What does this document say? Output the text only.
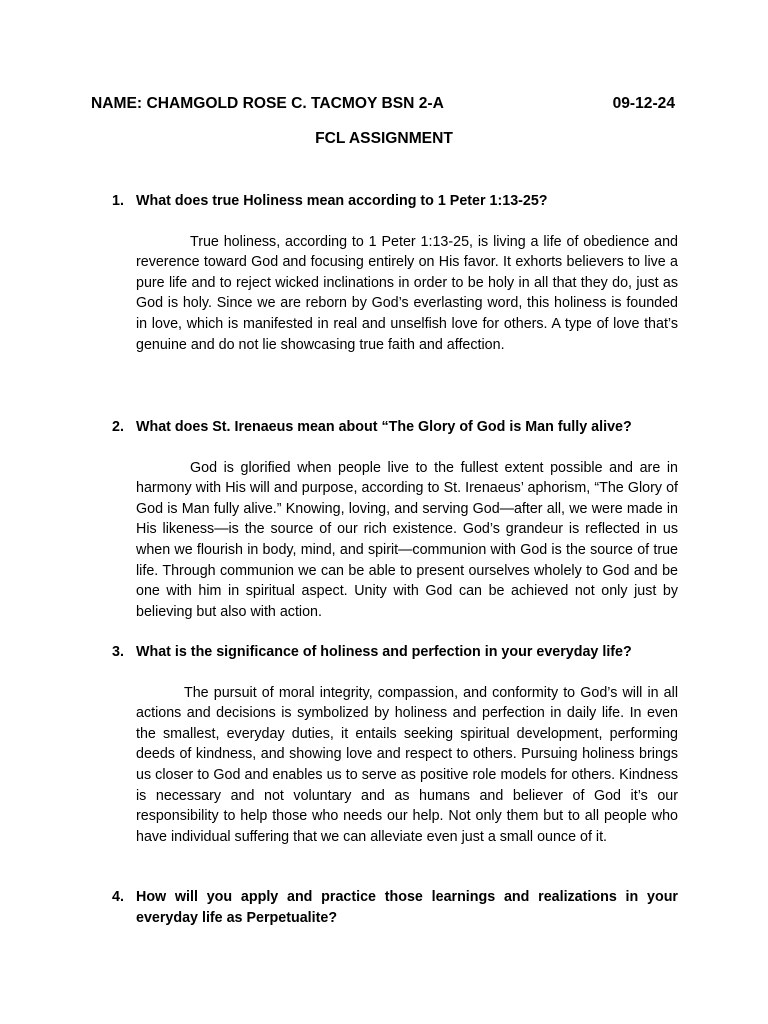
NAME: CHAMGOLD ROSE C. TACMOY BSN 2-A	09-12-24
FCL ASSIGNMENT
1. What does true Holiness mean according to 1 Peter 1:13-25?

True holiness, according to 1 Peter 1:13-25, is living a life of obedience and reverence toward God and focusing entirely on His favor. It exhorts believers to live a pure life and to reject wicked inclinations in order to be holy in all that they do, just as God is holy. Since we are reborn by God’s everlasting word, this holiness is founded in love, which is manifested in real and unselfish love for others. A type of love that’s genuine and do not lie showcasing true faith and affection.

2. What does St. Irenaeus mean about “The Glory of God is Man fully alive?

God is glorified when people live to the fullest extent possible and are in harmony with His will and purpose, according to St. Irenaeus’ aphorism, “The Glory of God is Man fully alive.” Knowing, loving, and serving God—after all, we were made in His likeness—is the source of our rich existence. God’s grandeur is reflected in us when we flourish in body, mind, and spirit—communion with God is the source of true life. Through communion we can be able to present ourselves wholely to God and be one with him in spiritual aspect. Unity with God can be achieved not only just by believing but also with action.

3. What is the significance of holiness and perfection in your everyday life?

The pursuit of moral integrity, compassion, and conformity to God’s will in all actions and decisions is symbolized by holiness and perfection in daily life. In even the smallest, everyday duties, it entails seeking spiritual development, performing deeds of kindness, and showing love and respect to others. Pursuing holiness brings us closer to God and enables us to serve as positive role models for others. Kindness is necessary and not voluntary and as humans and believer of God it’s our responsibility to help those who needs our help. Not only them but to all people who have individual suffering that we can alleviate even just a small ounce of it.

4. How will you apply and practice those learnings and realizations in your everyday life as Perpetualite?
